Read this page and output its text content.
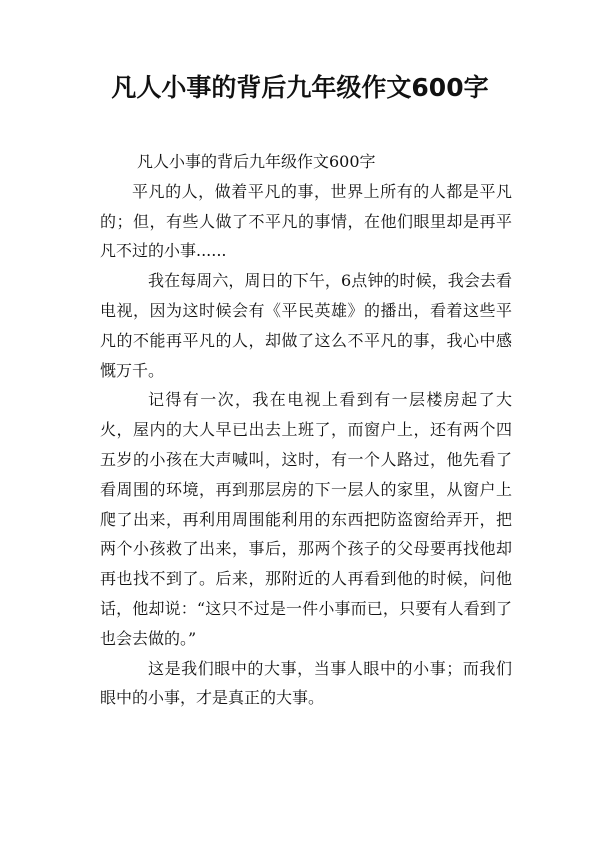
凡人小事的背后九年级作文600字

凡人小事的背后九年级作文600字

平凡的人，做着平凡的事，世界上所有的人都是平凡的；但，有些人做了不平凡的事情，在他们眼里却是再平凡不过的小事......

我在每周六，周日的下午，6点钟的时候，我会去看电视，因为这时候会有《平民英雄》的播出，看着这些平凡的不能再平凡的人，却做了这么不平凡的事，我心中感慨万千。

记得有一次，我在电视上看到有一层楼房起了大火，屋内的大人早已出去上班了，而窗户上，还有两个四五岁的小孩在大声喊叫，这时，有一个人路过，他先看了看周围的环境，再到那层房的下一层人的家里，从窗户上爬了出来，再利用周围能利用的东西把防盗窗给弄开，把两个小孩救了出来，事后，那两个孩子的父母要再找他却再也找不到了。后来，那附近的人再看到他的时候，问他话，他却说：“这只不过是一件小事而已，只要有人看到了也会去做的。”

这是我们眼中的大事，当事人眼中的小事；而我们眼中的小事，才是真正的大事。
